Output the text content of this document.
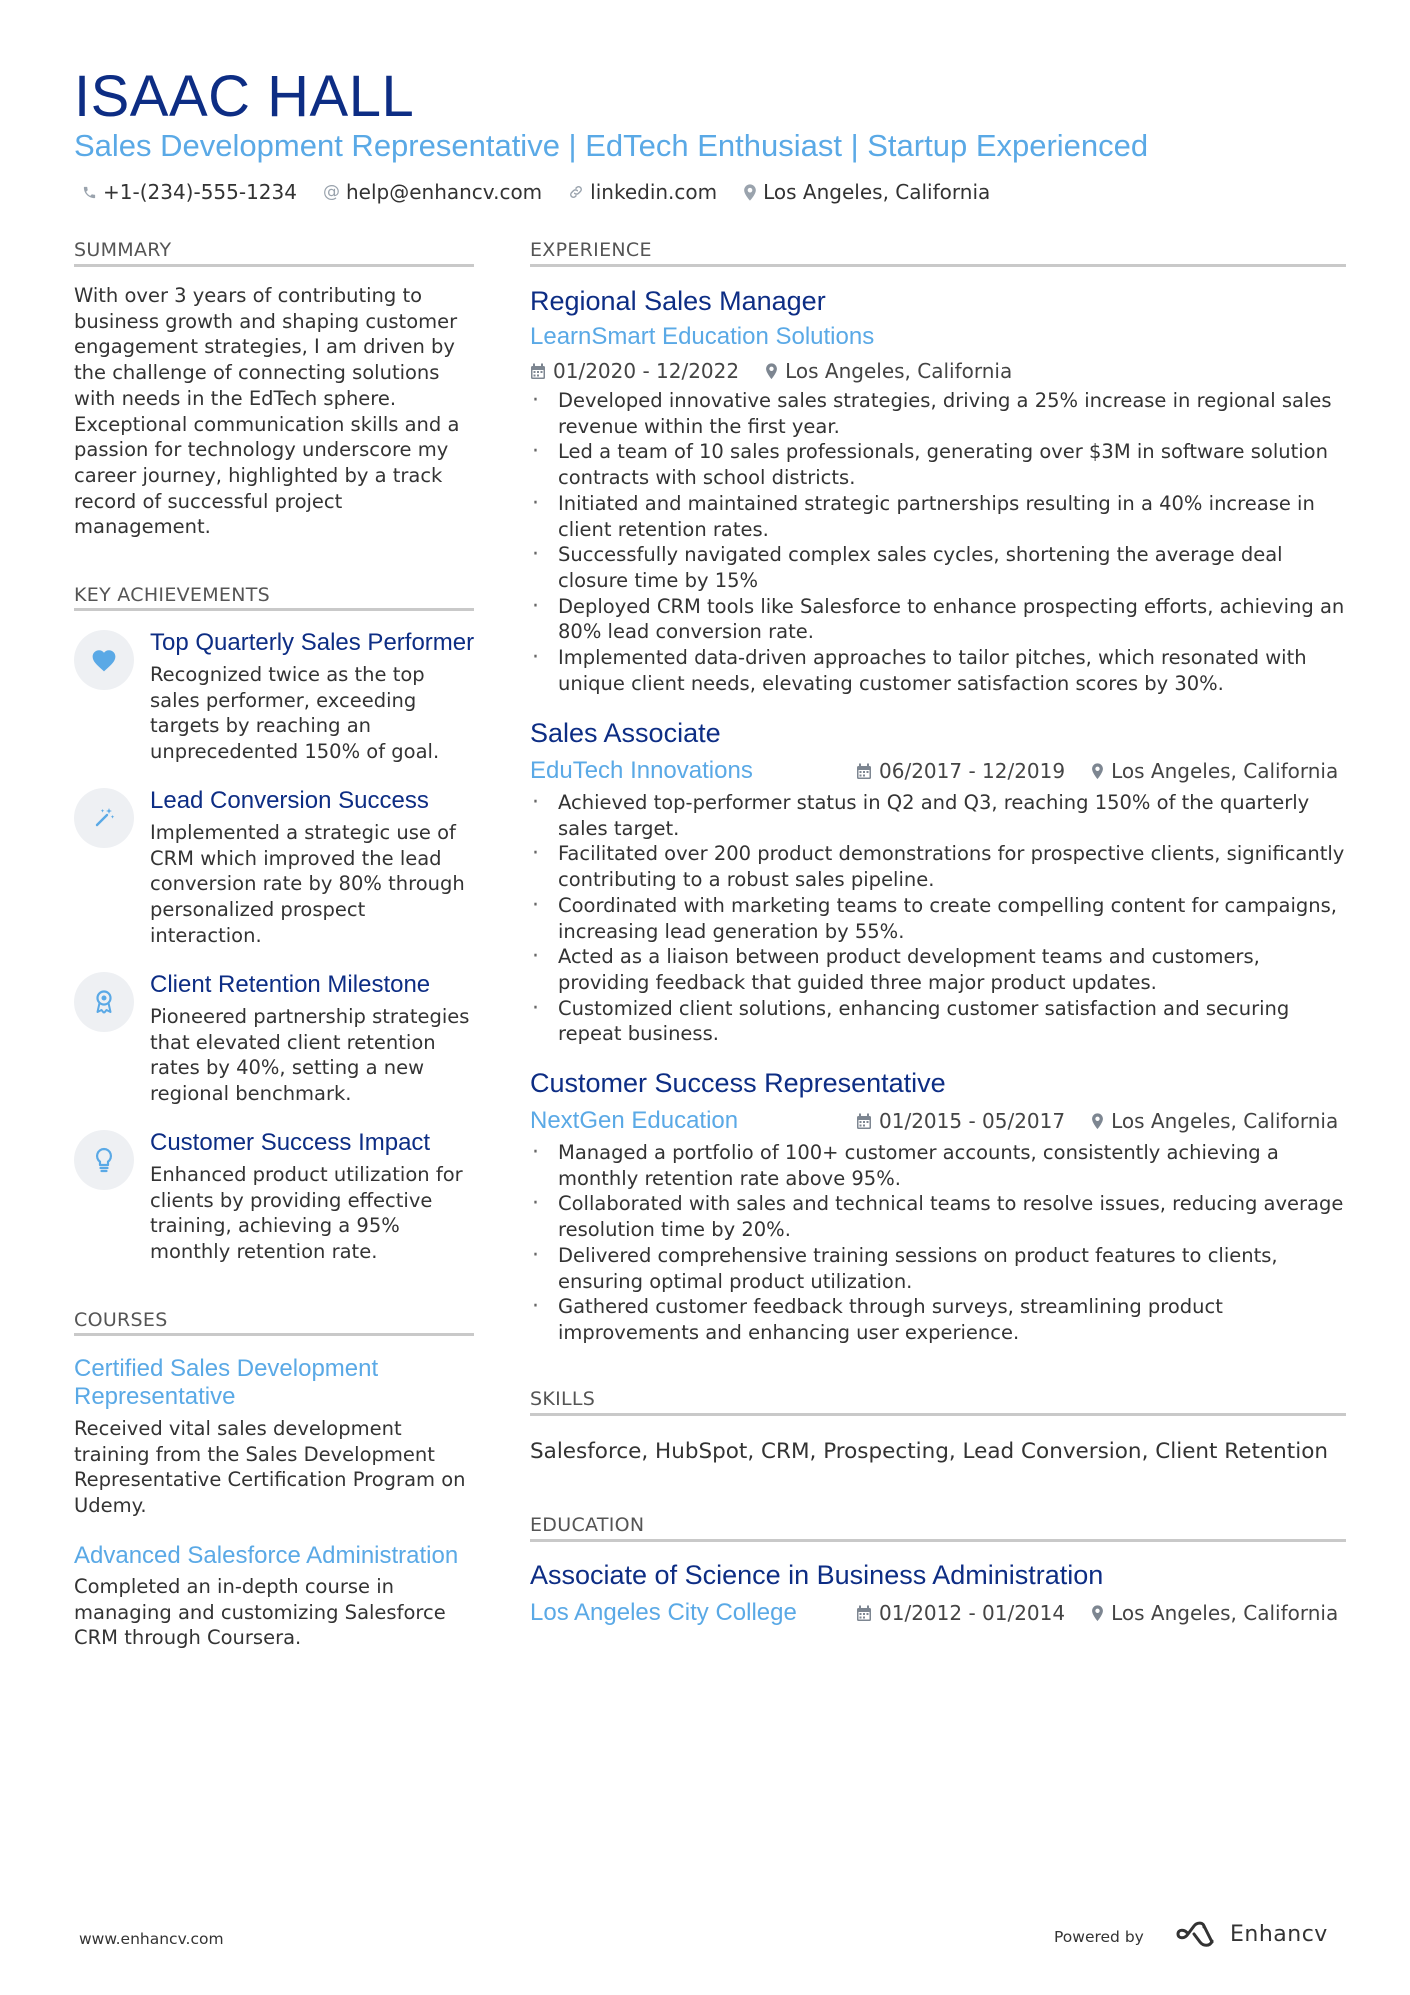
ISAAC HALL
Sales Development Representative | EdTech Enthusiast | Startup Experienced
+1-(234)-555-1234 @ help@enhancv.com linkedin.com Los Angeles, California
SUMMARY
With over 3 years of contributing to business growth and shaping customer engagement strategies, I am driven by the challenge of connecting solutions with needs in the EdTech sphere. Exceptional communication skills and a passion for technology underscore my career journey, highlighted by a track record of successful project management.
KEY ACHIEVEMENTS
Top Quarterly Sales Performer
Recognized twice as the top sales performer, exceeding targets by reaching an unprecedented 150% of goal.
Lead Conversion Success
Implemented a strategic use of CRM which improved the lead conversion rate by 80% through personalized prospect interaction.
Client Retention Milestone
Pioneered partnership strategies that elevated client retention rates by 40%, setting a new regional benchmark.
Customer Success Impact
Enhanced product utilization for clients by providing effective training, achieving a 95% monthly retention rate.
COURSES
Certified Sales Development Representative
Received vital sales development training from the Sales Development Representative Certification Program on Udemy.
Advanced Salesforce Administration
Completed an in-depth course in managing and customizing Salesforce CRM through Coursera.
EXPERIENCE
Regional Sales Manager
LearnSmart Education Solutions
01/2020 - 12/2022 Los Angeles, California
· Developed innovative sales strategies, driving a 25% increase in regional sales revenue within the first year.
· Led a team of 10 sales professionals, generating over $3M in software solution contracts with school districts.
· Initiated and maintained strategic partnerships resulting in a 40% increase in client retention rates.
· Successfully navigated complex sales cycles, shortening the average deal closure time by 15%
· Deployed CRM tools like Salesforce to enhance prospecting efforts, achieving an 80% lead conversion rate.
· Implemented data-driven approaches to tailor pitches, which resonated with unique client needs, elevating customer satisfaction scores by 30%.
Sales Associate
EduTech Innovations	06/2017 - 12/2019 Los Angeles, California
· Achieved top-performer status in Q2 and Q3, reaching 150% of the quarterly sales target.
· Facilitated over 200 product demonstrations for prospective clients, significantly contributing to a robust sales pipeline.
· Coordinated with marketing teams to create compelling content for campaigns, increasing lead generation by 55%.
· Acted as a liaison between product development teams and customers, providing feedback that guided three major product updates.
· Customized client solutions, enhancing customer satisfaction and securing repeat business.
Customer Success Representative
NextGen Education	01/2015 - 05/2017 Los Angeles, California
· Managed a portfolio of 100+ customer accounts, consistently achieving a monthly retention rate above 95%.
· Collaborated with sales and technical teams to resolve issues, reducing average resolution time by 20%.
· Delivered comprehensive training sessions on product features to clients, ensuring optimal product utilization.
· Gathered customer feedback through surveys, streamlining product improvements and enhancing user experience.
SKILLS
Salesforce, HubSpot, CRM, Prospecting, Lead Conversion, Client Retention
EDUCATION
Associate of Science in Business Administration
Los Angeles City College	01/2012 - 01/2014 Los Angeles, California
www.enhancv.com	Powered by	Enhancv
